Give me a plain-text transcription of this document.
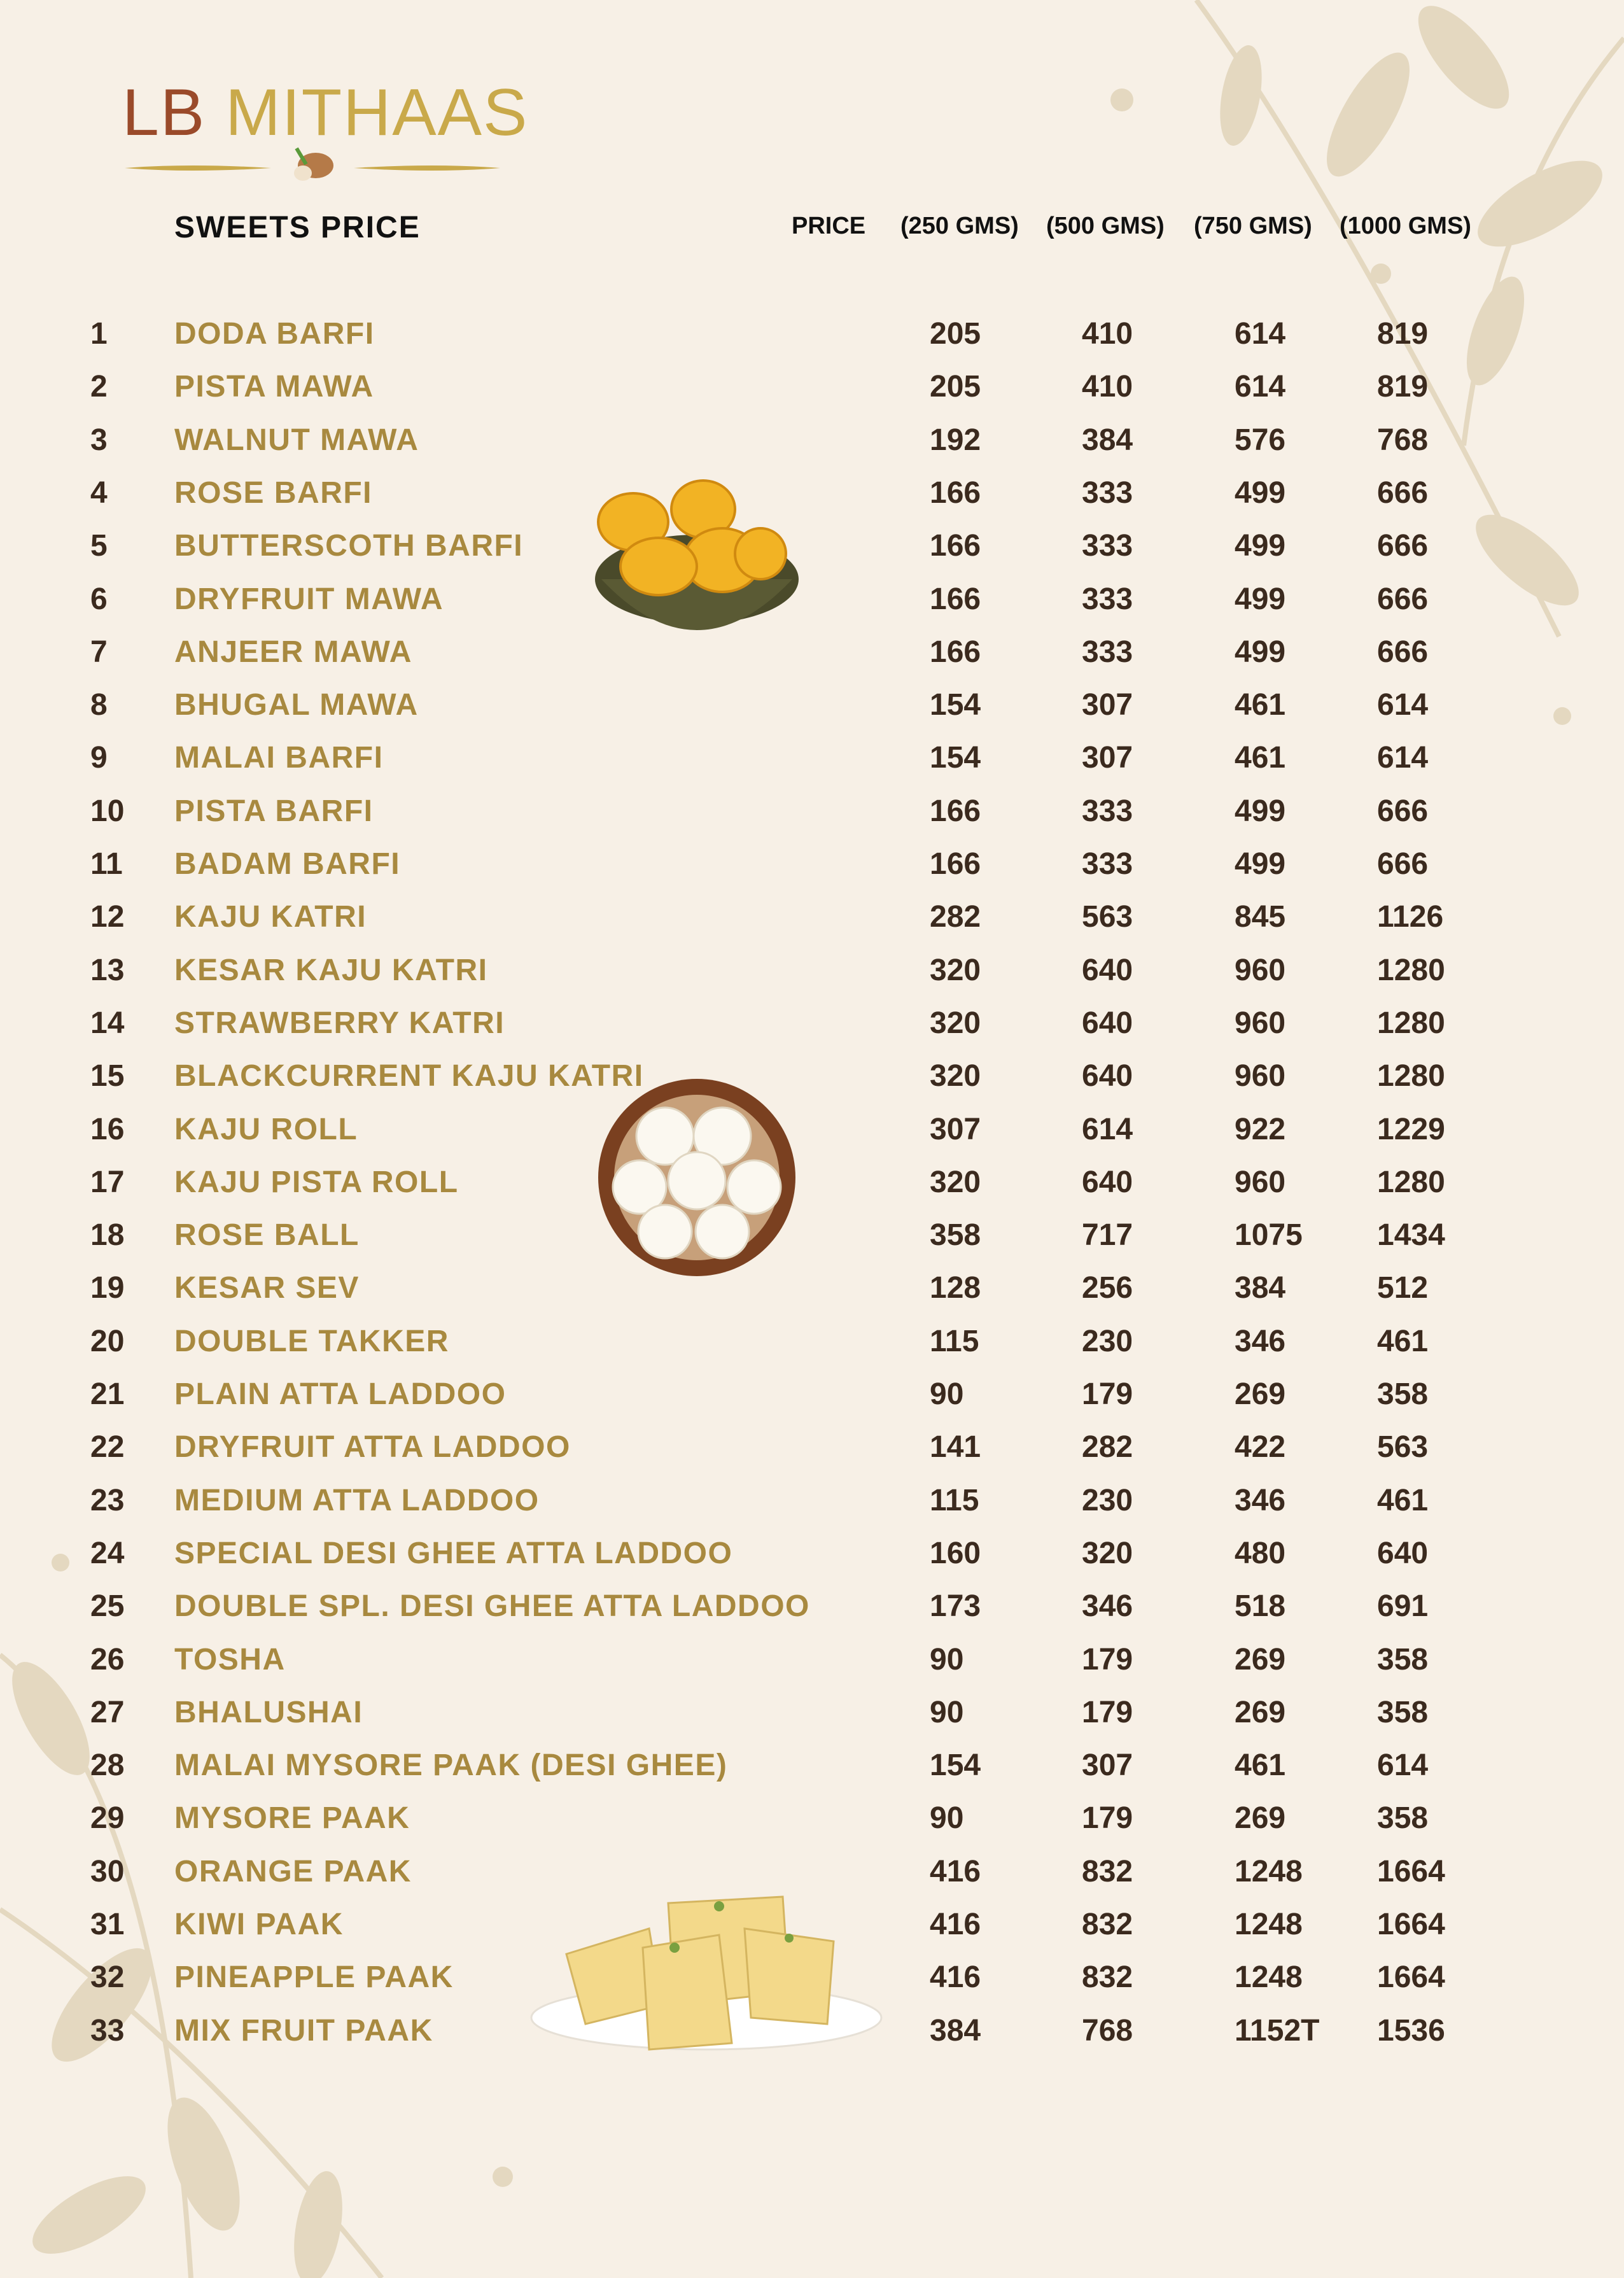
LB MITHAAS
SWEETS PRICE	PRICE (250 GMS) (500 GMS) (750 GMS) (1000 GMS)
1 DODA BARFI	205	410	614	819
2 PISTA MAWA	205	410	614	819
3 WALNUT MAWA	192	384	576	768
4 ROSE BARFI	166	333	499	666
5 BUTTERSCOTH BARFI	166	333	499	666
6 DRYFRUIT MAWA	166	333	499	666
7 ANJEER MAWA	166	333	499	666
8 BHUGAL MAWA	154	307	461	614
9 MALAI BARFI	154	307	461	614
10 PISTA BARFI	166	333	499	666
11 BADAM BARFI	166	333	499	666
12 KAJU KATRI	282	563	845	1126
13 KESAR KAJU KATRI	320	640	960	1280
14 STRAWBERRY KATRI	320	640	960	1280
15 BLACKCURRENT KAJU KATRI	320	640	960	1280
16 KAJU ROLL	307	614	922	1229
17 KAJU PISTA ROLL	320	640	960	1280
18 ROSE BALL	358	717	1075 1434
19 KESAR SEV	128	256	384	512
20 DOUBLE TAKKER	115	230	346	461
21 PLAIN ATTA LADDOO	90	179	269	358
22 DRYFRUIT ATTA LADDOO	141	282	422	563
23 MEDIUM ATTA LADDOO	115	230	346	461
24 SPECIAL DESI GHEE ATTA LADDOO	160	320	480	640
25 DOUBLE SPL. DESI GHEE ATTA LADDOO	173	346	518	691
26 TOSHA	90	179	269	358
27 BHALUSHAI	90	179	269	358
28 MALAI MYSORE PAAK (DESI GHEE)	154	307	461	614
29 MYSORE PAAK	90	179	269	358
30 ORANGE PAAK	416	832	1248 1664
31 KIWI PAAK	416	832	1248 1664
32 PINEAPPLE PAAK	416	832	1248 1664
33 MIX FRUIT PAAK	384	768	1152T 1536
